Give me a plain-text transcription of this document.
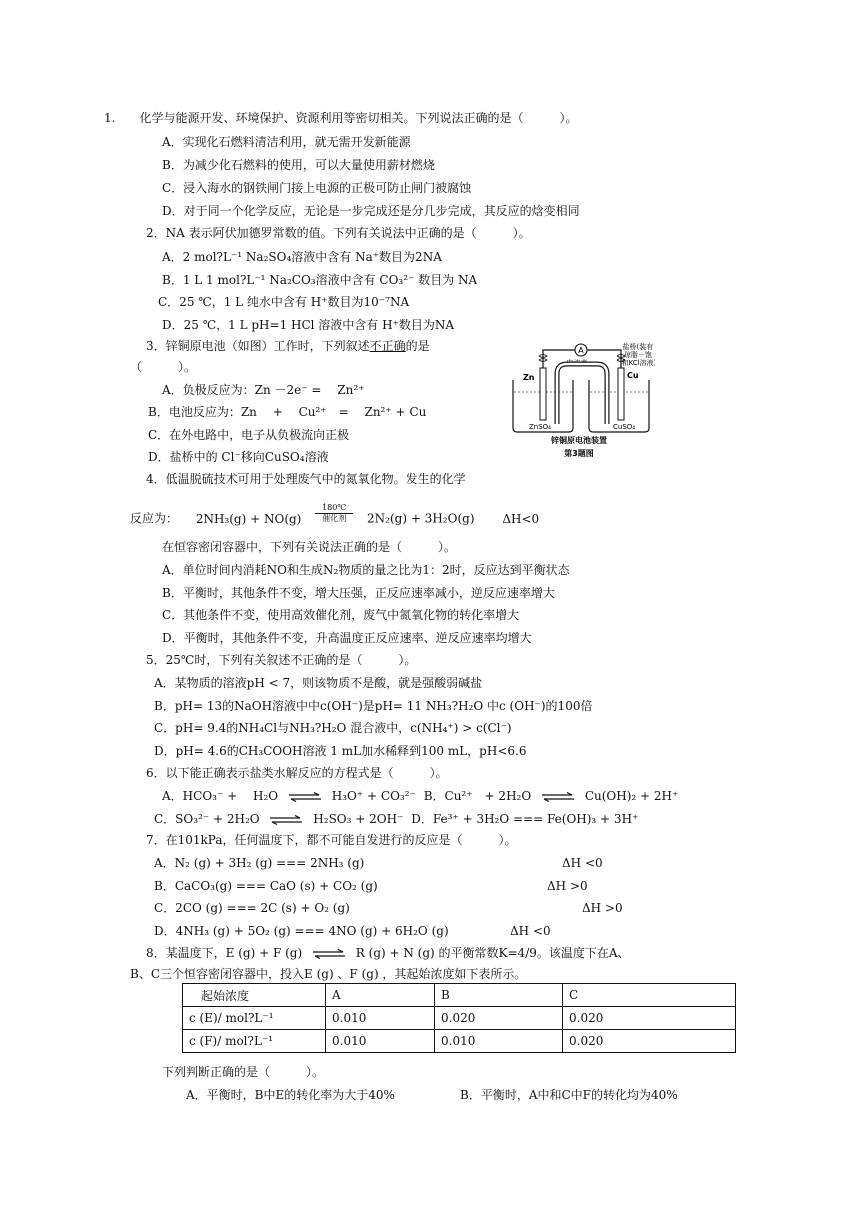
1.　　化学与能源开发、环境保护、资源利用等密切相关。下列说法正确的是（　　　）。
A．实现化石燃料清洁利用，就无需开发新能源
B．为减少化石燃料的使用，可以大量使用薪材燃烧
C．浸入海水的钢铁闸门接上电源的正极可防止闸门被腐蚀
D．对于同一个化学反应，无论是一步完成还是分几步完成，其反应的焓变相同
2．NA 表示阿伏加德罗常数的值。下列有关说法中正确的是（　　　）。
A．2 mol?L⁻¹ Na₂SO₄溶液中含有 Na⁺数目为2NA
B．1 L 1 mol?L⁻¹ Na₂CO₃溶液中含有 CO₃²⁻ 数目为 NA
C．25 ℃，1 L 纯水中含有 H⁺数目为10⁻⁷NA
D．25 ℃，1 L pH=1 HCl 溶液中含有 H⁺数目为NA
3．锌铜原电池（如图）工作时，下列叙述不正确的是
（　　　）。
A．负极反应为：Zn －2e⁻ =　 Zn²⁺
B．电池反应为：Zn　 +　 Cu²⁺　=　 Zn²⁺ + Cu
C．在外电路中，电子从负极流向正极
D．盐桥中的 Cl⁻移向CuSO₄溶液
A
电流表
盐桥(装有 琼脂－饱 和KCl溶液)
Zn	Cu
ZnSO₄	CuSO₄
锌铜原电池装置
第3题图
4．低温脱硫技术可用于处理废气中的氮氧化物。发生的化学
反应为： 2NH₃(g) + NO(g) 180℃
催化剂 2N₂(g) + 3H₂O(g) ΔH<0
在恒容密闭容器中，下列有关说法正确的是（　　　）。
A．单位时间内消耗NO和生成N₂物质的量之比为1：2时，反应达到平衡状态
B．平衡时，其他条件不变，增大压强，正反应速率减小，逆反应速率增大
C．其他条件不变，使用高效催化剂，废气中氮氧化物的转化率增大
D．平衡时，其他条件不变，升高温度正反应速率、逆反应速率均增大
5．25℃时，下列有关叙述不正确的是（　　　）。
A．某物质的溶液pH < 7，则该物质不是酸，就是强酸弱碱盐
B．pH= 13的NaOH溶液中中c(OH⁻)是pH= 11 NH₃?H₂O 中c (OH⁻)的100倍
C．pH= 9.4的NH₄Cl与NH₃?H₂O 混合液中，c(NH₄⁺) > c(Cl⁻)
D．pH= 4.6的CH₃COOH溶液 1 mL加水稀释到100 mL，pH<6.6
6．以下能正确表示盐类水解反应的方程式是（　　　）。
A．HCO₃⁻ +　 H₂O ⇌ H₃O⁺ + CO₃²⁻ B．Cu²⁺　+ 2H₂O ⇌ Cu(OH)₂ + 2H⁺
C．SO₃²⁻ + 2H₂O ⇌ H₂SO₃ + 2OH⁻ D．Fe³⁺ + 3H₂O === Fe(OH)₃ + 3H⁺
7．在101kPa，任何温度下，都不可能自发进行的反应是（　　　）。
A．N₂ (g) + 3H₂ (g) === 2NH₃ (g)	ΔH <0
B．CaCO₃(g) === CaO (s) + CO₂ (g)	ΔH >0
C．2CO (g) === 2C (s) + O₂ (g)	ΔH >0
D．4NH₃ (g) + 5O₂ (g) === 4NO (g) + 6H₂O (g)	ΔH <0
8．某温度下，E (g) + F (g) ⇌ R (g) + N (g) 的平衡常数K=4/9。该温度下在A、
B、C三个恒容密闭容器中，投入E (g) 、F (g) ，其起始浓度如下表所示。
起始浓度	A	B	C
c (E)/ mol?L⁻¹	0.010	0.020	0.020
c (F)/ mol?L⁻¹	0.010	0.010	0.020
下列判断正确的是（　　　）。
A．平衡时，B中E的转化率为大于40%	B．平衡时，A中和C中F的转化均为40%
